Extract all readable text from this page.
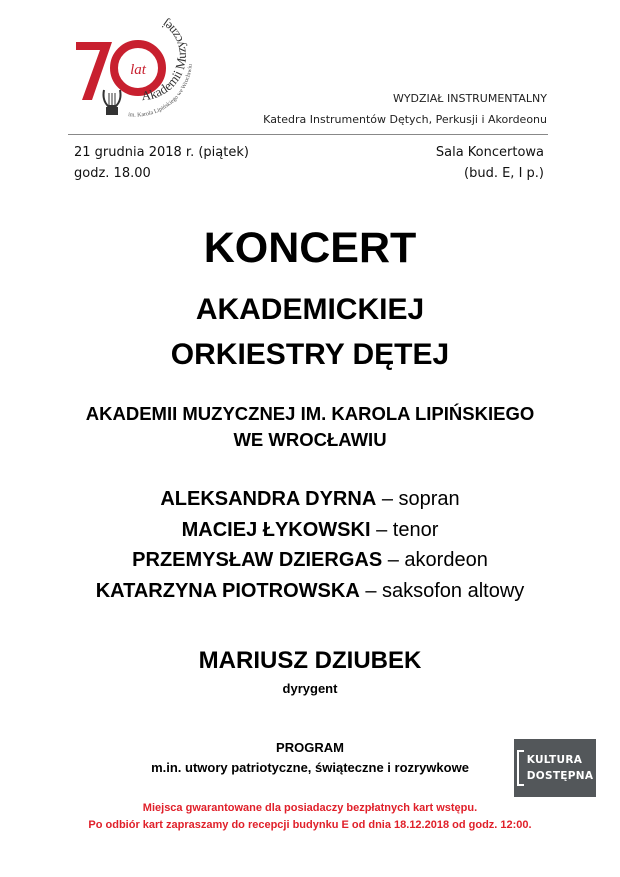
lat
Akademii Muzycznej
im. Karola Lipińskiego we Wrocławiu
WYDZIAŁ INSTRUMENTALNY
Katedra Instrumentów Dętych, Perkusji i Akordeonu
21 grudnia 2018 r. (piątek)
godz. 18.00
Sala Koncertowa
(bud. E, I p.)
KONCERT
AKADEMICKIEJ
ORKIESTRY DĘTEJ
AKADEMII MUZYCZNEJ IM. KAROLA LIPIŃSKIEGO
WE WROCŁAWIU
ALEKSANDRA DYRNA – sopran
MACIEJ ŁYKOWSKI – tenor
PRZEMYSŁAW DZIERGAS – akordeon
KATARZYNA PIOTROWSKA – saksofon altowy
MARIUSZ DZIUBEK
dyrygent
PROGRAM
m.in. utwory patriotyczne, świąteczne i rozrywkowe	KULTURA
DOSTĘPNA
Miejsca gwarantowane dla posiadaczy bezpłatnych kart wstępu.
Po odbiór kart zapraszamy do recepcji budynku E od dnia 18.12.2018 od godz. 12:00.
